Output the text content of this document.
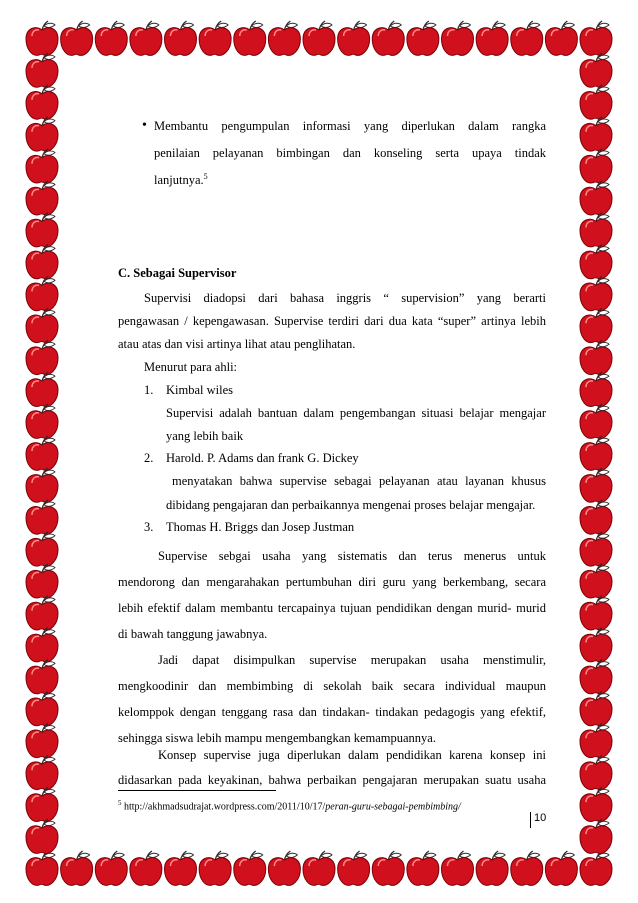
• Membantu pengumpulan informasi yang diperlukan dalam rangka
penilaian pelayanan bimbingan dan konseling serta upaya tindak
lanjutnya.$^5$
C. Sebagai Supervisor
Supervisi diadopsi dari bahasa inggris “ supervision” yang berarti
pengawasan / kepengawasan. Supervise terdiri dari dua kata “super” artinya lebih
atau atas dan visi artinya lihat atau penglihatan.
Menurut para ahli:
1. Kimbal wiles
Supervisi adalah bantuan dalam pengembangan situasi belajar mengajar
yang lebih baik
2. Harold. P. Adams dan frank G. Dickey
menyatakan bahwa supervise sebagai pelayanan atau layanan khusus
dibidang pengajaran dan perbaikannya mengenai proses belajar mengajar.
3. Thomas H. Briggs dan Josep Justman
Supervise sebgai usaha yang sistematis dan terus menerus untuk
mendorong dan mengarahakan pertumbuhan diri guru yang berkembang, secara
lebih efektif dalam membantu tercapainya tujuan pendidikan dengan murid- murid
di bawah tanggung jawabnya.
Jadi dapat disimpulkan supervise merupakan usaha menstimulir,
mengkoodinir dan membimbing di sekolah baik secara individual maupun
kelomppok dengan tenggang rasa dan tindakan- tindakan pedagogis yang efektif,
sehingga siswa lebih mampu mengembangkan kemampuannya.
$^5$ http://akhmadsudrajat.wordpress.com/2011/10/17/peran-guru-sebagai-pembimbing/
Konsep supervise juga diperlukan dalam pendidikan karena konsep ini
didasarkan pada keyakinan, bahwa perbaikan pengajaran merupakan suatu usaha
10
